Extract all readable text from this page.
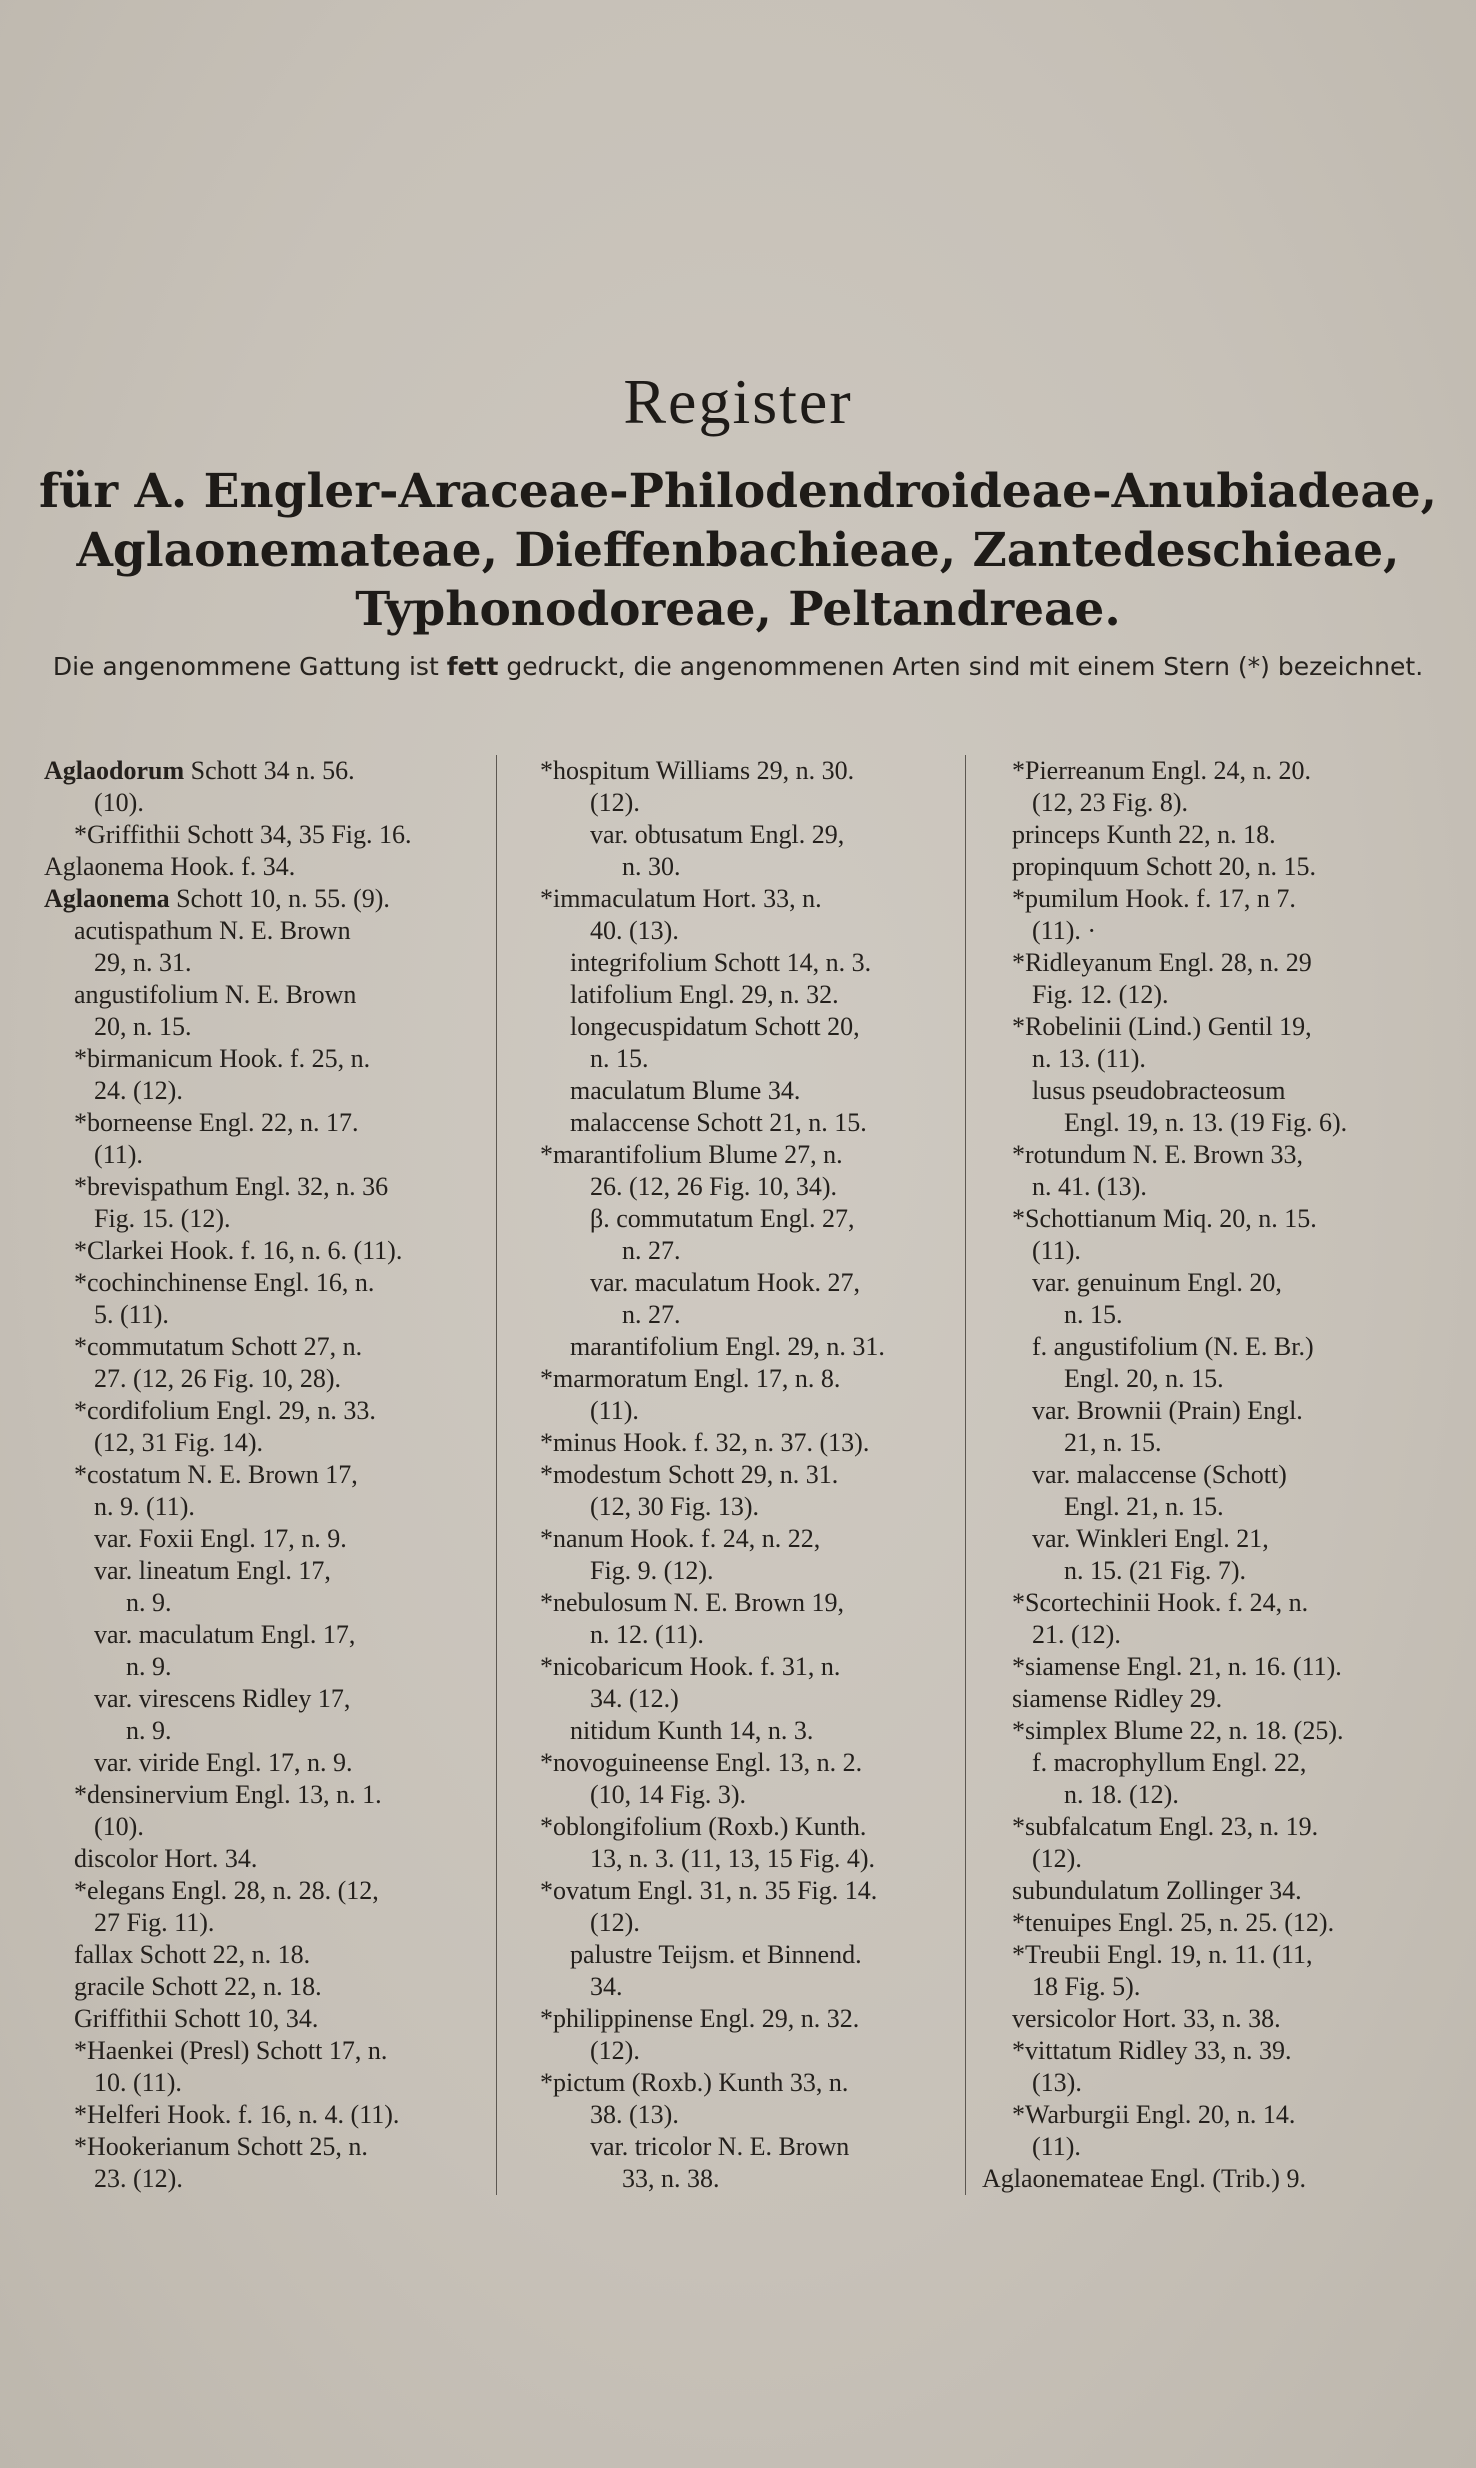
Register
für A. Engler-Araceae-Philodendroideae-Anubiadeae,
Aglaonemateae, Dieffenbachieae, Zantedeschieae,
Typhonodoreae, Peltandreae.
Die angenommene Gattung ist fett gedruckt, die angenommenen Arten sind mit einem Stern (*) bezeichnet.
Aglaodorum Schott 34 n. 56.
(10).
*Griffithii Schott 34, 35 Fig. 16.
Aglaonema Hook. f. 34.
Aglaonema Schott 10, n. 55. (9).
acutispathum N. E. Brown
29, n. 31.
angustifolium N. E. Brown
20, n. 15.
*birmanicum Hook. f. 25, n.
24. (12).
*borneense Engl. 22, n. 17.
(11).
*brevispathum Engl. 32, n. 36
Fig. 15. (12).
*Clarkei Hook. f. 16, n. 6. (11).
*cochinchinense Engl. 16, n.
5. (11).
*commutatum Schott 27, n.
27. (12, 26 Fig. 10, 28).
*cordifolium Engl. 29, n. 33.
(12, 31 Fig. 14).
*costatum N. E. Brown 17,
n. 9. (11).
var. Foxii Engl. 17, n. 9.
var. lineatum Engl. 17,
n. 9.
var. maculatum Engl. 17,
n. 9.
var. virescens Ridley 17,
n. 9.
var. viride Engl. 17, n. 9.
*densinervium Engl. 13, n. 1.
(10).
discolor Hort. 34.
*elegans Engl. 28, n. 28. (12,
27 Fig. 11).
fallax Schott 22, n. 18.
gracile Schott 22, n. 18.
Griffithii Schott 10, 34.
*Haenkei (Presl) Schott 17, n.
10. (11).
*Helferi Hook. f. 16, n. 4. (11).
*Hookerianum Schott 25, n.
23. (12).
*hospitum Williams 29, n. 30.
(12).
var. obtusatum Engl. 29,
n. 30.
*immaculatum Hort. 33, n.
40. (13).
integrifolium Schott 14, n. 3.
latifolium Engl. 29, n. 32.
longecuspidatum Schott 20,
n. 15.
maculatum Blume 34.
malaccense Schott 21, n. 15.
*marantifolium Blume 27, n.
26. (12, 26 Fig. 10, 34).
β. commutatum Engl. 27,
n. 27.
var. maculatum Hook. 27,
n. 27.
marantifolium Engl. 29, n. 31.
*marmoratum Engl. 17, n. 8.
(11).
*minus Hook. f. 32, n. 37. (13).
*modestum Schott 29, n. 31.
(12, 30 Fig. 13).
*nanum Hook. f. 24, n. 22,
Fig. 9. (12).
*nebulosum N. E. Brown 19,
n. 12. (11).
*nicobaricum Hook. f. 31, n.
34. (12.)
nitidum Kunth 14, n. 3.
*novoguineense Engl. 13, n. 2.
(10, 14 Fig. 3).
*oblongifolium (Roxb.) Kunth.
13, n. 3. (11, 13, 15 Fig. 4).
*ovatum Engl. 31, n. 35 Fig. 14.
(12).
palustre Teijsm. et Binnend.
34.
*philippinense Engl. 29, n. 32.
(12).
*pictum (Roxb.) Kunth 33, n.
38. (13).
var. tricolor N. E. Brown
33, n. 38.
*Pierreanum Engl. 24, n. 20.
(12, 23 Fig. 8).
princeps Kunth 22, n. 18.
propinquum Schott 20, n. 15.
*pumilum Hook. f. 17, n 7.
(11). ·
*Ridleyanum Engl. 28, n. 29
Fig. 12. (12).
*Robelinii (Lind.) Gentil 19,
n. 13. (11).
lusus pseudobracteosum
Engl. 19, n. 13. (19 Fig. 6).
*rotundum N. E. Brown 33,
n. 41. (13).
*Schottianum Miq. 20, n. 15.
(11).
var. genuinum Engl. 20,
n. 15.
f. angustifolium (N. E. Br.)
Engl. 20, n. 15.
var. Brownii (Prain) Engl.
21, n. 15.
var. malaccense (Schott)
Engl. 21, n. 15.
var. Winkleri Engl. 21,
n. 15. (21 Fig. 7).
*Scortechinii Hook. f. 24, n.
21. (12).
*siamense Engl. 21, n. 16. (11).
siamense Ridley 29.
*simplex Blume 22, n. 18. (25).
f. macrophyllum Engl. 22,
n. 18. (12).
*subfalcatum Engl. 23, n. 19.
(12).
subundulatum Zollinger 34.
*tenuipes Engl. 25, n. 25. (12).
*Treubii Engl. 19, n. 11. (11,
18 Fig. 5).
versicolor Hort. 33, n. 38.
*vittatum Ridley 33, n. 39.
(13).
*Warburgii Engl. 20, n. 14.
(11).
Aglaonemateae Engl. (Trib.) 9.
